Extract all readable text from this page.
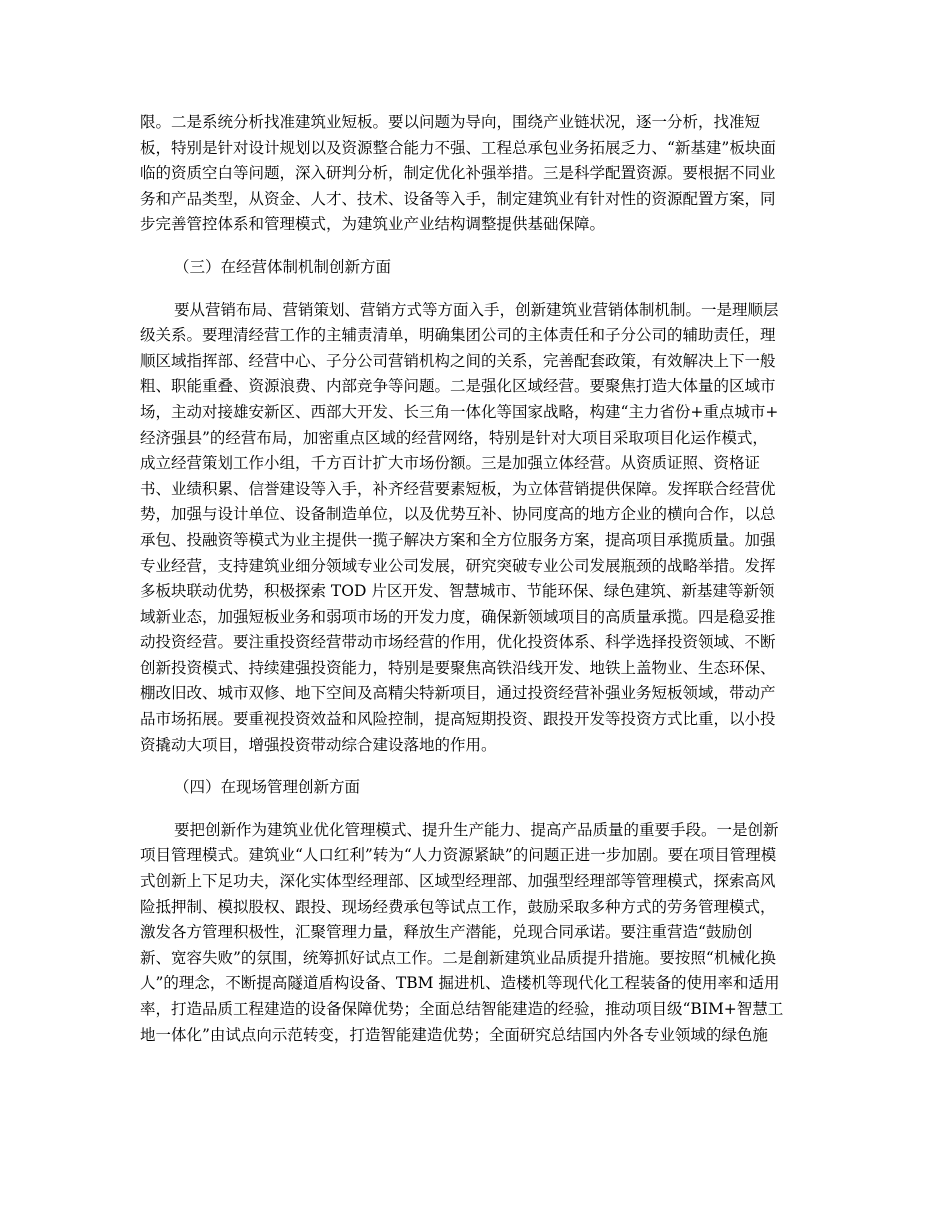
限。二是系统分析找准建筑业短板。要以问题为导向，围绕产业链状况，逐一分析，找准短
板，特别是针对设计规划以及资源整合能力不强、工程总承包业务拓展乏力、“新基建”板块面
临的资质空白等问题，深入研判分析，制定优化补强举措。三是科学配置资源。要根据不同业
务和产品类型，从资金、人才、技术、设备等入手，制定建筑业有针对性的资源配置方案，同
步完善管控体系和管理模式，为建筑业产业结构调整提供基础保障。
（三）在经营体制机制创新方面
要从营销布局、营销策划、营销方式等方面入手，创新建筑业营销体制机制。一是理顺层
级关系。要理清经营工作的主辅责清单，明确集团公司的主体责任和子分公司的辅助责任，理
顺区域指挥部、经营中心、子分公司营销机构之间的关系，完善配套政策，有效解决上下一般
粗、职能重叠、资源浪费、内部竞争等问题。二是强化区域经营。要聚焦打造大体量的区域市
场，主动对接雄安新区、西部大开发、长三角一体化等国家战略，构建“主力省份+重点城市+
经济强县”的经营布局，加密重点区域的经营网络，特别是针对大项目采取项目化运作模式，
成立经营策划工作小组，千方百计扩大市场份额。三是加强立体经营。从资质证照、资格证
书、业绩积累、信誉建设等入手，补齐经营要素短板，为立体营销提供保障。发挥联合经营优
势，加强与设计单位、设备制造单位，以及优势互补、协同度高的地方企业的横向合作，以总
承包、投融资等模式为业主提供一揽子解决方案和全方位服务方案，提高项目承揽质量。加强
专业经营，支持建筑业细分领域专业公司发展，研究突破专业公司发展瓶颈的战略举措。发挥
多板块联动优势，积极探索 TOD 片区开发、智慧城市、节能环保、绿色建筑、新基建等新领
域新业态，加强短板业务和弱项市场的开发力度，确保新领域项目的高质量承揽。四是稳妥推
动投资经营。要注重投资经营带动市场经营的作用，优化投资体系、科学选择投资领域、不断
创新投资模式、持续建强投资能力，特别是要聚焦高铁沿线开发、地铁上盖物业、生态环保、
棚改旧改、城市双修、地下空间及高精尖特新项目，通过投资经营补强业务短板领域，带动产
品市场拓展。要重视投资效益和风险控制，提高短期投资、跟投开发等投资方式比重，以小投
资撬动大项目，增强投资带动综合建设落地的作用。
（四）在现场管理创新方面
要把创新作为建筑业优化管理模式、提升生产能力、提高产品质量的重要手段。一是创新
项目管理模式。建筑业“人口红利”转为“人力资源紧缺”的问题正进一步加剧。要在项目管理模
式创新上下足功夫，深化实体型经理部、区域型经理部、加强型经理部等管理模式，探索高风
险抵押制、模拟股权、跟投、现场经费承包等试点工作，鼓励采取多种方式的劳务管理模式，
激发各方管理积极性，汇聚管理力量，释放生产潜能，兑现合同承诺。要注重营造“鼓励创
新、宽容失败”的氛围，统筹抓好试点工作。二是創新建筑业品质提升措施。要按照“机械化换
人”的理念，不断提高隧道盾构设备、TBM 掘进机、造楼机等现代化工程装备的使用率和适用
率，打造品质工程建造的设备保障优势；全面总结智能建造的经验，推动项目级“BIM+智慧工
地一体化”由试点向示范转变，打造智能建造优势；全面研究总结国内外各专业领域的绿色施
